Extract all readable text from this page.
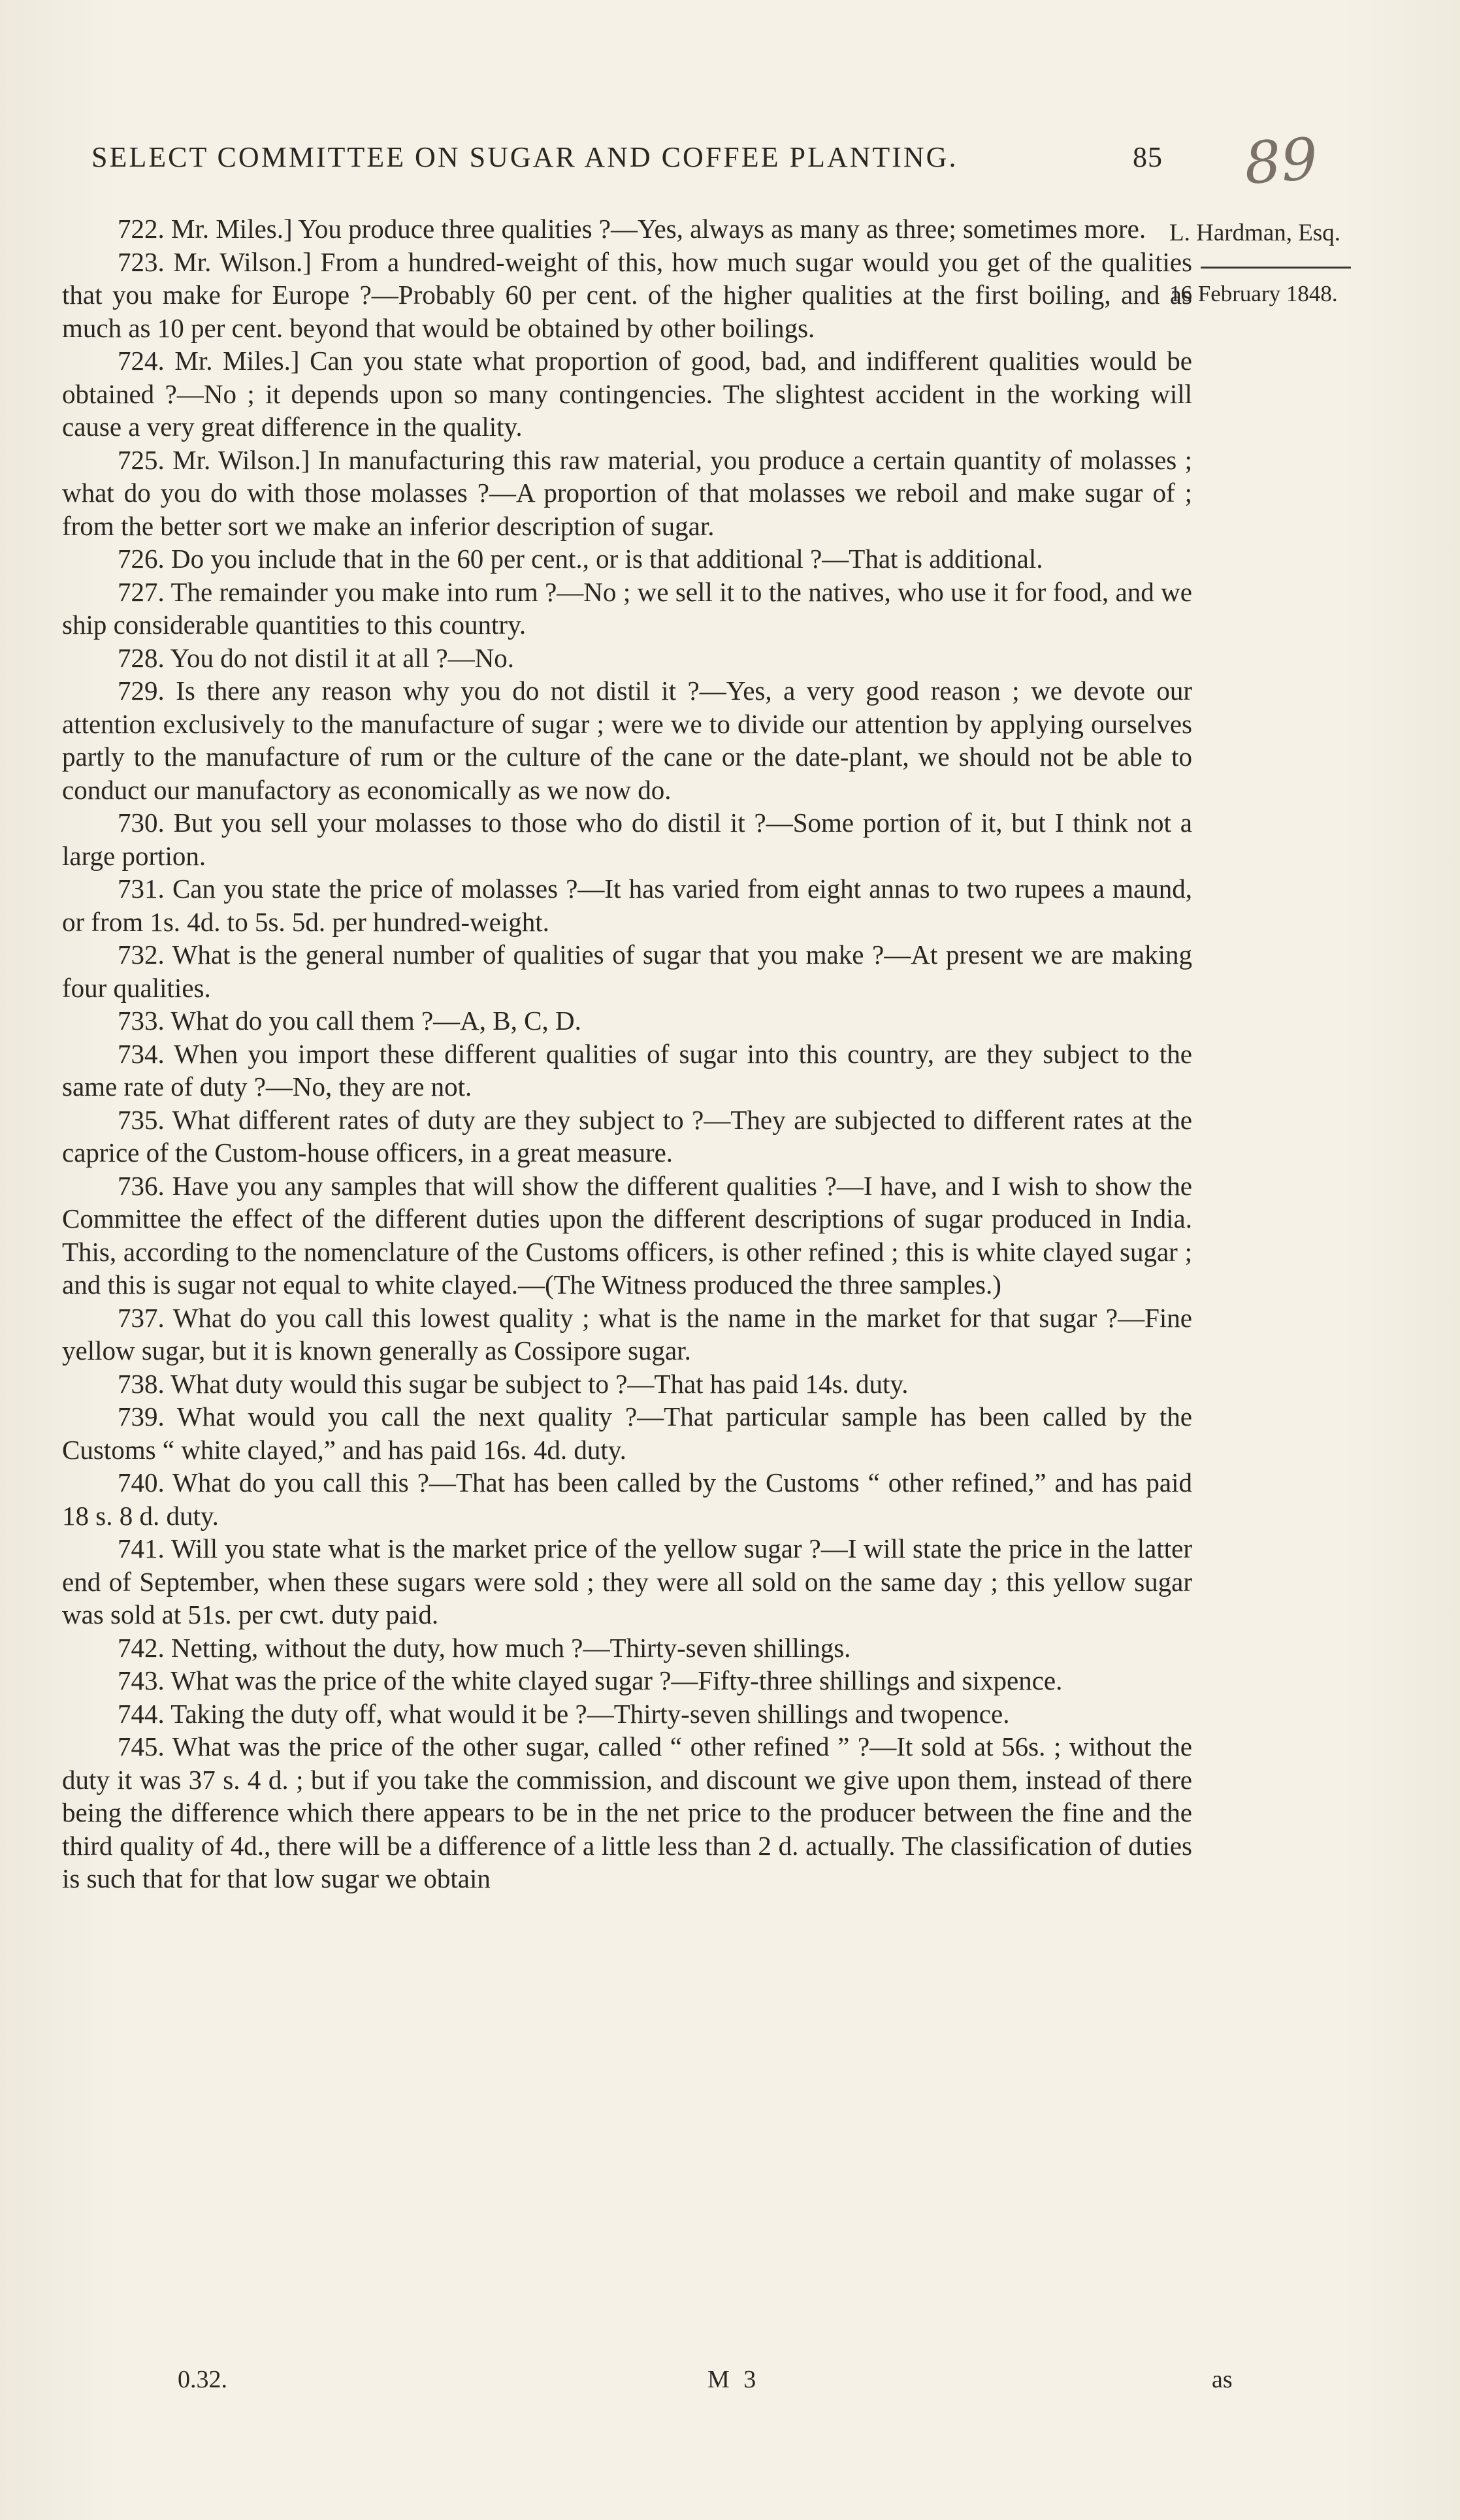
SELECT COMMITTEE ON SUGAR AND COFFEE PLANTING.	85 89
L. Hardman, Esq.
16 February 1848.

722. Mr. Miles.] You produce three qualities ?—Yes, always as many as three; sometimes more.

723. Mr. Wilson.] From a hundred-weight of this, how much sugar would you get of the qualities that you make for Europe ?—Probably 60 per cent. of the higher qualities at the first boiling, and as much as 10 per cent. beyond that would be obtained by other boilings.

724. Mr. Miles.] Can you state what proportion of good, bad, and indifferent qualities would be obtained ?—No ; it depends upon so many contingencies. The slightest accident in the working will cause a very great difference in the quality.

725. Mr. Wilson.] In manufacturing this raw material, you produce a certain quantity of molasses ; what do you do with those molasses ?—A proportion of that molasses we reboil and make sugar of ; from the better sort we make an inferior description of sugar.

726. Do you include that in the 60 per cent., or is that additional ?—That is additional.

727. The remainder you make into rum ?—No ; we sell it to the natives, who use it for food, and we ship considerable quantities to this country.

728. You do not distil it at all ?—No.

729. Is there any reason why you do not distil it ?—Yes, a very good reason ; we devote our attention exclusively to the manufacture of sugar ; were we to divide our attention by applying ourselves partly to the manufacture of rum or the culture of the cane or the date-plant, we should not be able to conduct our manufactory as economically as we now do.

730. But you sell your molasses to those who do distil it ?—Some portion of it, but I think not a large portion.

731. Can you state the price of molasses ?—It has varied from eight annas to two rupees a maund, or from 1s. 4d. to 5s. 5d. per hundred-weight.

732. What is the general number of qualities of sugar that you make ?—At present we are making four qualities.

733. What do you call them ?—A, B, C, D.

734. When you import these different qualities of sugar into this country, are they subject to the same rate of duty ?—No, they are not.

735. What different rates of duty are they subject to ?—They are subjected to different rates at the caprice of the Custom-house officers, in a great measure.

736. Have you any samples that will show the different qualities ?—I have, and I wish to show the Committee the effect of the different duties upon the different descriptions of sugar produced in India. This, according to the nomenclature of the Customs officers, is other refined ; this is white clayed sugar ; and this is sugar not equal to white clayed.—(The Witness produced the three samples.)

737. What do you call this lowest quality ; what is the name in the market for that sugar ?—Fine yellow sugar, but it is known generally as Cossipore sugar.

738. What duty would this sugar be subject to ?—That has paid 14s. duty.

739. What would you call the next quality ?—That particular sample has been called by the Customs “ white clayed,” and has paid 16s. 4d. duty.

740. What do you call this ?—That has been called by the Customs “ other refined,” and has paid 18 s. 8 d. duty.

741. Will you state what is the market price of the yellow sugar ?—I will state the price in the latter end of September, when these sugars were sold ; they were all sold on the same day ; this yellow sugar was sold at 51s. per cwt. duty paid.

742. Netting, without the duty, how much ?—Thirty-seven shillings.

743. What was the price of the white clayed sugar ?—Fifty-three shillings and sixpence.

744. Taking the duty off, what would it be ?—Thirty-seven shillings and twopence.

745. What was the price of the other sugar, called “ other refined ” ?—It sold at 56s. ; without the duty it was 37 s. 4 d. ; but if you take the commission, and discount we give upon them, instead of there being the difference which there appears to be in the net price to the producer between the fine and the third quality of 4d., there will be a difference of a little less than 2 d. actually. The classification of duties is such that for that low sugar we obtain

0.32.	M 3	as
